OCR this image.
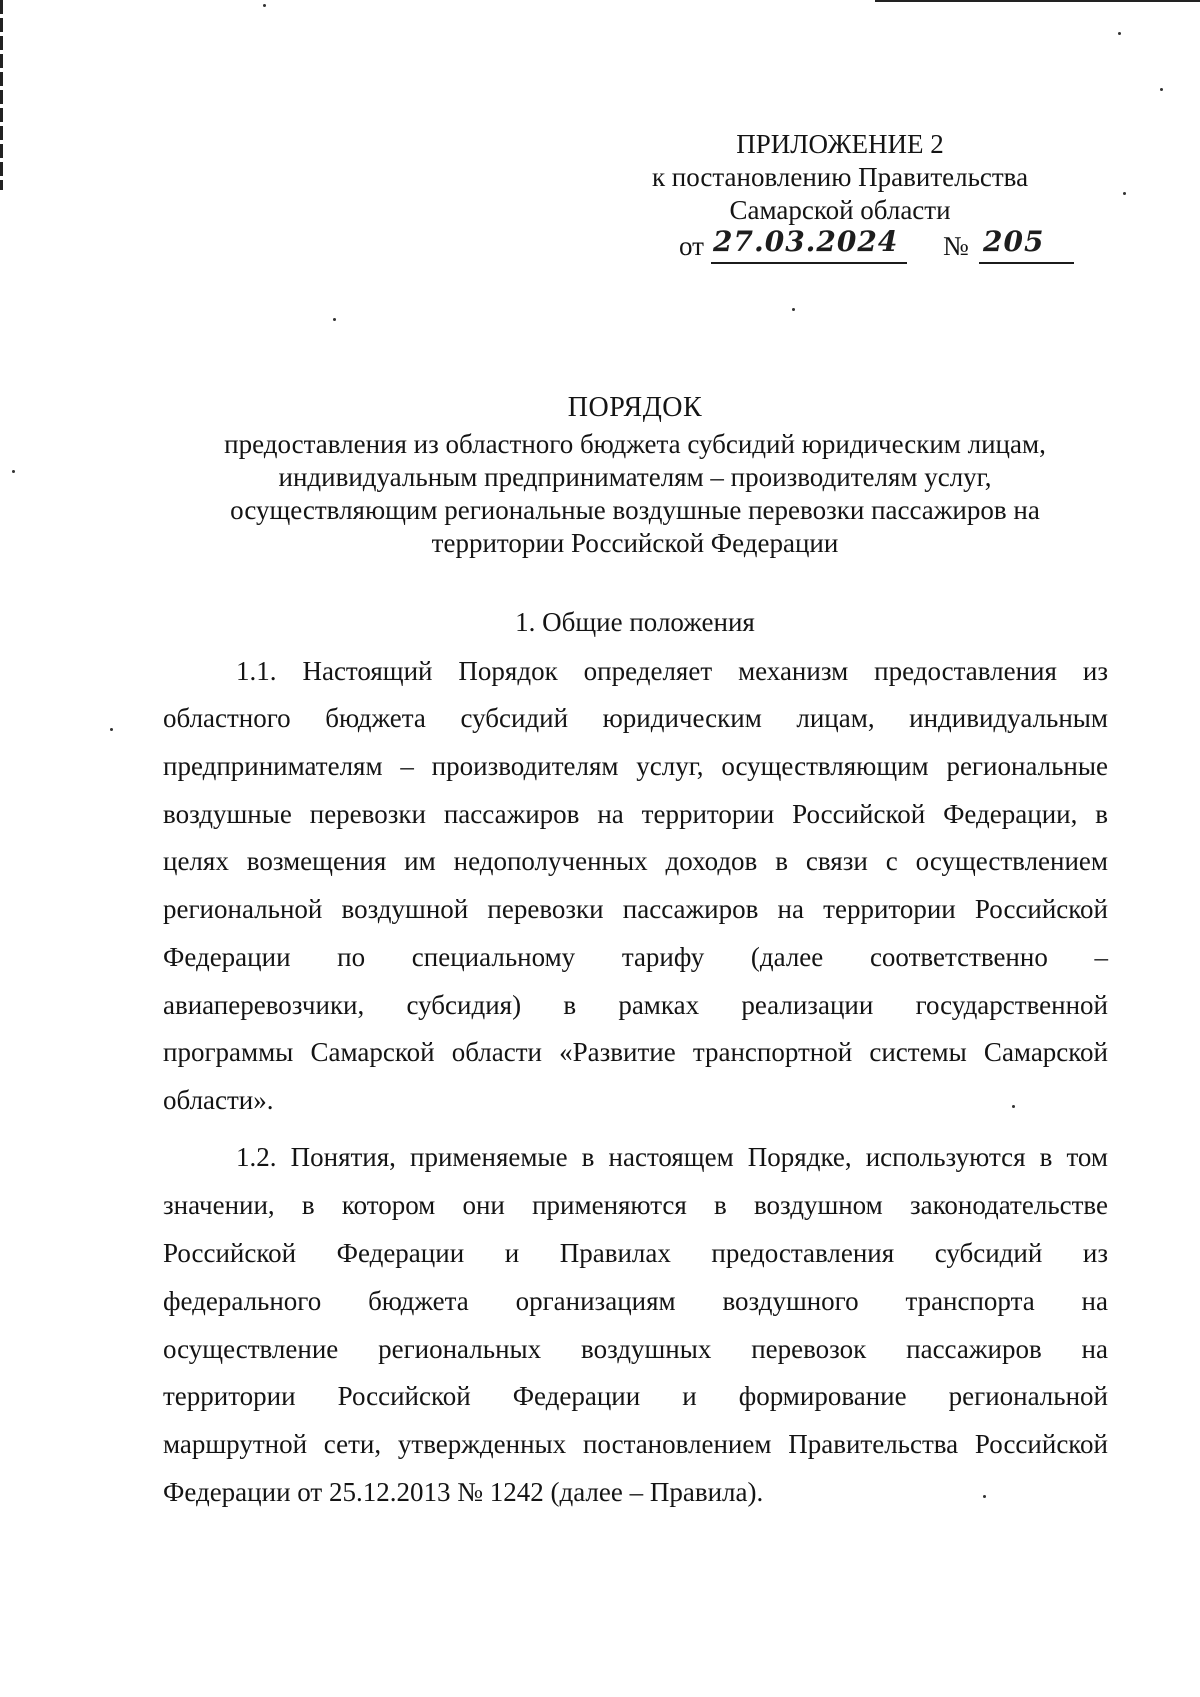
ПРИЛОЖЕНИЕ 2
к постановлению Правительства
Самарской области
от 27.03.2024 № 205
ПОРЯДОК
предоставления из областного бюджета субсидий юридическим лицам,
индивидуальным предпринимателям – производителям услуг,
осуществляющим региональные воздушные перевозки пассажиров на
территории Российской Федерации
1. Общие положения
1.1. Настоящий Порядок определяет механизм предоставления из
областного бюджета субсидий юридическим лицам, индивидуальным
предпринимателям – производителям услуг, осуществляющим региональные
воздушные перевозки пассажиров на территории Российской Федерации, в
целях возмещения им недополученных доходов в связи с осуществлением
региональной воздушной перевозки пассажиров на территории Российской
Федерации по специальному тарифу (далее соответственно –
авиаперевозчики, субсидия) в рамках реализации государственной
программы Самарской области «Развитие транспортной системы Самарской
области».
1.2. Понятия, применяемые в настоящем Порядке, используются в том
значении, в котором они применяются в воздушном законодательстве
Российской Федерации и Правилах предоставления субсидий из
федерального бюджета организациям воздушного транспорта на
осуществление региональных воздушных перевозок пассажиров на
территории Российской Федерации и формирование региональной
маршрутной сети, утвержденных постановлением Правительства Российской
Федерации от 25.12.2013 № 1242 (далее – Правила).
